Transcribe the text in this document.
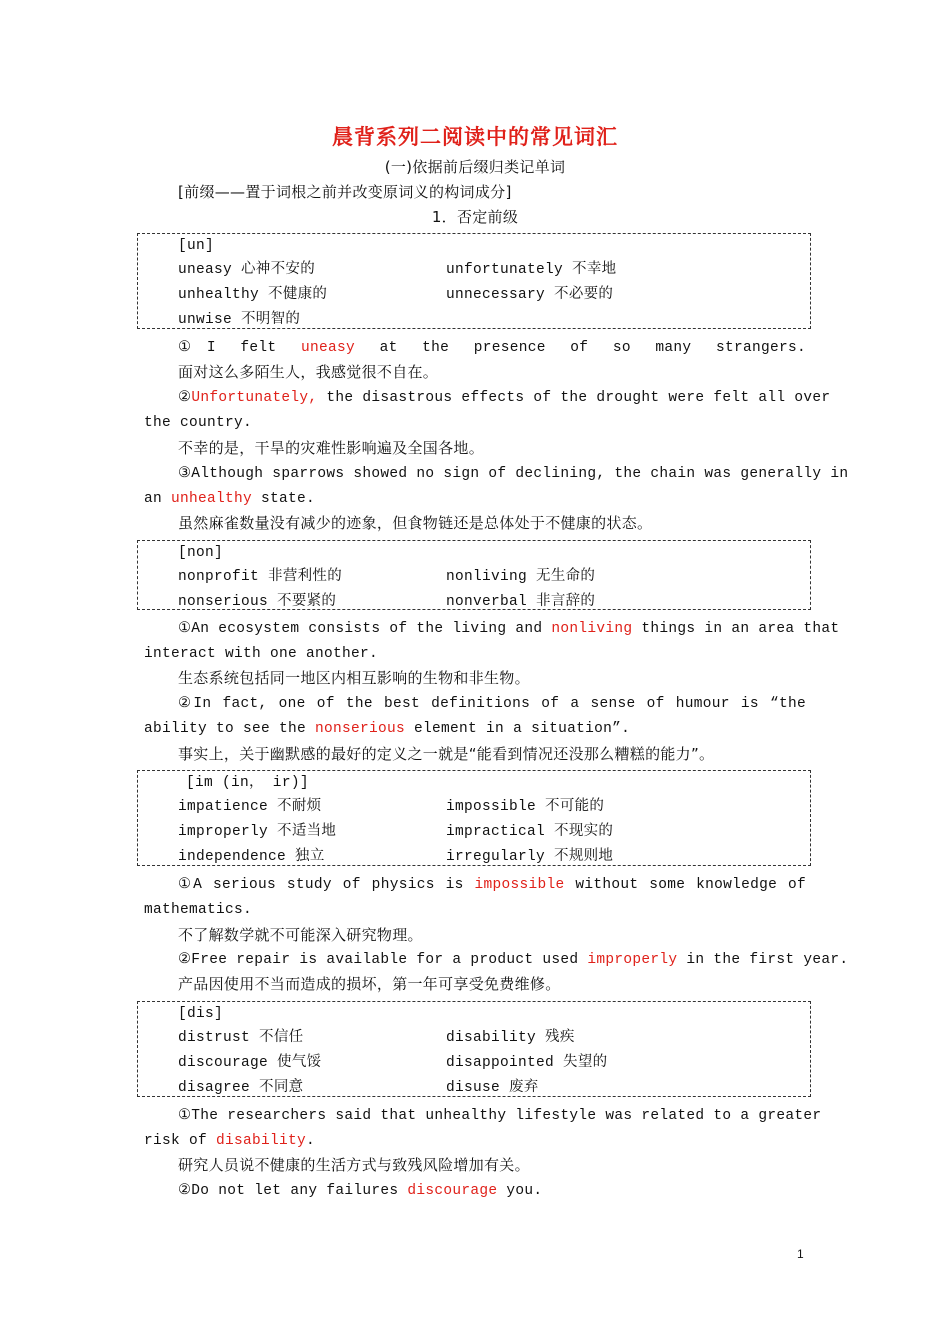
晨背系列二阅读中的常见词汇
(一)依据前后缀归类记单词
[前缀——置于词根之前并改变原词义的构词成分]
1．否定前级
[un]
uneasy 心神不安的	unfortunately 不幸地
unhealthy 不健康的	unnecessary 不必要的
unwise 不明智的
①I felt uneasy at the presence of so many strangers.
面对这么多陌生人，我感觉很不自在。
②Unfortunately, the disastrous effects of the drought were felt all over
the country.
不幸的是，干旱的灾难性影响遍及全国各地。
③Although sparrows showed no sign of declining, the chain was generally in
an unhealthy state.
虽然麻雀数量没有减少的迹象，但食物链还是总体处于不健康的状态。
[non]
nonprofit 非营利性的	nonliving 无生命的
nonserious 不要紧的	nonverbal 非言辞的
①An ecosystem consists of the living and nonliving things in an area that
interact with one another.
生态系统包括同一地区内相互影响的生物和非生物。
②In fact, one of the best definitions of a sense of humour is “the
ability to see the nonserious element in a situation”.
事实上，关于幽默感的最好的定义之一就是“能看到情况还没那么糟糕的能力”。
[im (in， ir)]
impatience 不耐烦	impossible 不可能的
improperly 不适当地	impractical 不现实的
independence 独立	irregularly 不规则地
①A serious study of physics is impossible without some knowledge of
mathematics.
不了解数学就不可能深入研究物理。
②Free repair is available for a product used improperly in the first year.
产品因使用不当而造成的损坏，第一年可享受免费维修。
[dis]
distrust 不信任	disability 残疾
discourage 使气馁	disappointed 失望的
disagree 不同意	disuse 废弃
①The researchers said that unhealthy lifestyle was related to a greater
risk of disability.
研究人员说不健康的生活方式与致残风险增加有关。
②Do not let any failures discourage you.
1
